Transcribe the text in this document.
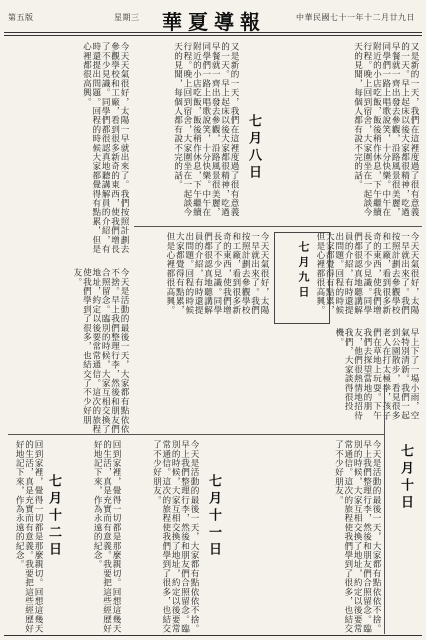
第五版	星期三	華夏導報	中華民國七十一年十二月廿九日
又是新的一天，我們在這裡度過了很有意義的一天。早上起床以後大家都很精神，吃過早餐就一齊出發去參觀，沿路風景很美麗，同學們一路上唱歌說笑，十分快樂。中午在附近的小店吃飯，飯後稍作休息，下午繼續行程。晚上回到宿舍，大家圍坐在一起談今天的見聞，每個人都有說不完的話。
七月八日
又是新的一天，我們在這裡度過了很有意義的一天。早上起床以後大家都很精神，吃過早餐就一齊出發去參觀，沿路風景很美麗，同學們一路上唱歌說笑，十分快樂。中午在附近的小店吃飯，飯後稍作休息，下午繼續行程。晚上回到宿舍，大家圍坐在一起談今天的見聞，每個人都有說不完的話。
今天天氣很好，太陽一早就出來了。我們按照計劃去參觀學校和工廠，看到很多新奇的東西，使我們增長了不少見識。同學們都很認真地聽講解員的介紹，有時還提出問題。回程的時候大家都覺得有點累，但是心裡都很高興。
今天天氣很好，太陽一早就出來了。我們按照計劃去參觀學校和工廠，看到很多新奇的東西，使我們增長了不少見識。同學們都很認真地聽講解員的介紹，有時還提出問題。回程的時候大家都覺得有點累，但是心裡都很高興。
七月九日
今天天氣很好，太陽一早就出來了。我們按照計劃去參觀學校和工廠，看到很多新奇的東西，使我們增長了不少見識。同學們都很認真地聽講解員的介紹，有時還提出問題。回程的時候大家都覺得有點累，但是心裡都很高興。
早上下了一場小雨，空氣特別清新。我們一起到公園散步，看見很多老人在打太極拳，孩子們在草地上玩耍。下午我們去探望當地的朋友，他們很熱情地招待我們，大家談得很投機。
七月十日
今天是活動的最後一天，大家都有點依依不捨。早上我們整理行李，然後和朋友們合照留念。臨別的時候，大家互相交換了地址，約定以後要常常通信。這次的旅程使我們學到了很多，也結交了不少好朋友。
今天是活動的最後一天，大家都有點依依不捨。早上我們整理行李，然後和朋友們合照留念。臨別的時候，大家互相交換了地址，約定以後要常常通信。這次的旅程使我們學到了很多，也結交了不少好朋友。
七月十一日
今天是活動的最後一天，大家都有點依依不捨。早上我們整理行李，然後和朋友們合照留念。臨別的時候，大家互相交換了地址，約定以後要常常通信。這次的旅程使我們學到了很多，也結交了不少好朋友。
回到家裡，覺得一切都是那麼親切。回想這幾天的生活，真是充實而有意義。我要把這些經歷好好地記下來，作為永遠的紀念。
七月十二日
回到家裡，覺得一切都是那麼親切。回想這幾天的生活，真是充實而有意義。我要把這些經歷好好地記下來，作為永遠的紀念。
